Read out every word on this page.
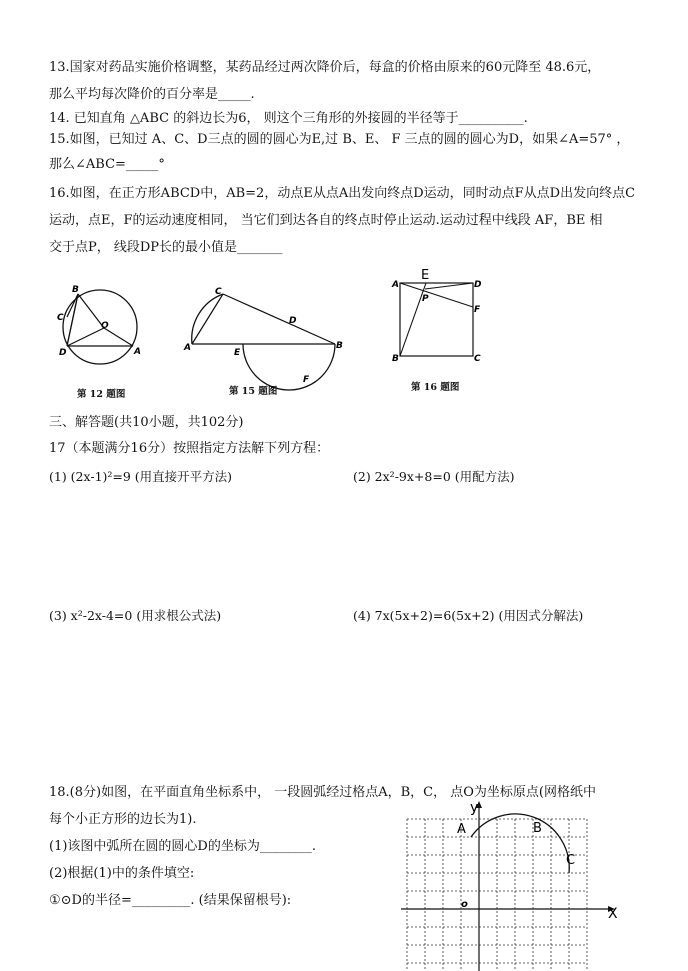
13.国家对药品实施价格调整，某药品经过两次降价后，每盒的价格由原来的60元降至 48.6元，
那么平均每次降价的百分率是_____.
14. 已知直角 △ABC 的斜边长为6， 则这个三角形的外接圆的半径等于__________.
15.如图，已知过 A、C、D三点的圆的圆心为E,过 B、E、 F 三点的圆的圆心为D，如果∠A=57° ，
那么∠ABC=_____°
16.如图，在正方形ABCD中，AB=2，动点E从点A出发向终点D运动，同时动点F从点D出发向终点C
运动，点E，F的运动速度相同， 当它们到达各自的终点时停止运动.运动过程中线段 AF，BE 相
交于点P， 线段DP长的最小值是_______
B
C
O
D	A
第 12 题图
C
D
A	E
B
F
第 15 题图
A
E
D
P
F
B	C
第 16 题图
三、解答题(共10小题，共102分)
17（本题满分16分）按照指定方法解下列方程：
(1) (2x-1)²=9 (用直接开平方法)	(2) 2x²-9x+8=0 (用配方法)
(3) x²-2x-4=0 (用求根公式法)	(4) 7x(5x+2)=6(5x+2) (用因式分解法)
18.(8分)如图，在平面直角坐标系中， 一段圆弧经过格点A，B，C， 点O为坐标原点(网格纸中
每个小正方形的边长为1).
(1)该图中弧所在圆的圆心D的坐标为________.
(2)根据(1)中的条件填空:
①⊙D的半径=_________. (结果保留根号):
y
A	B
C
o
X
